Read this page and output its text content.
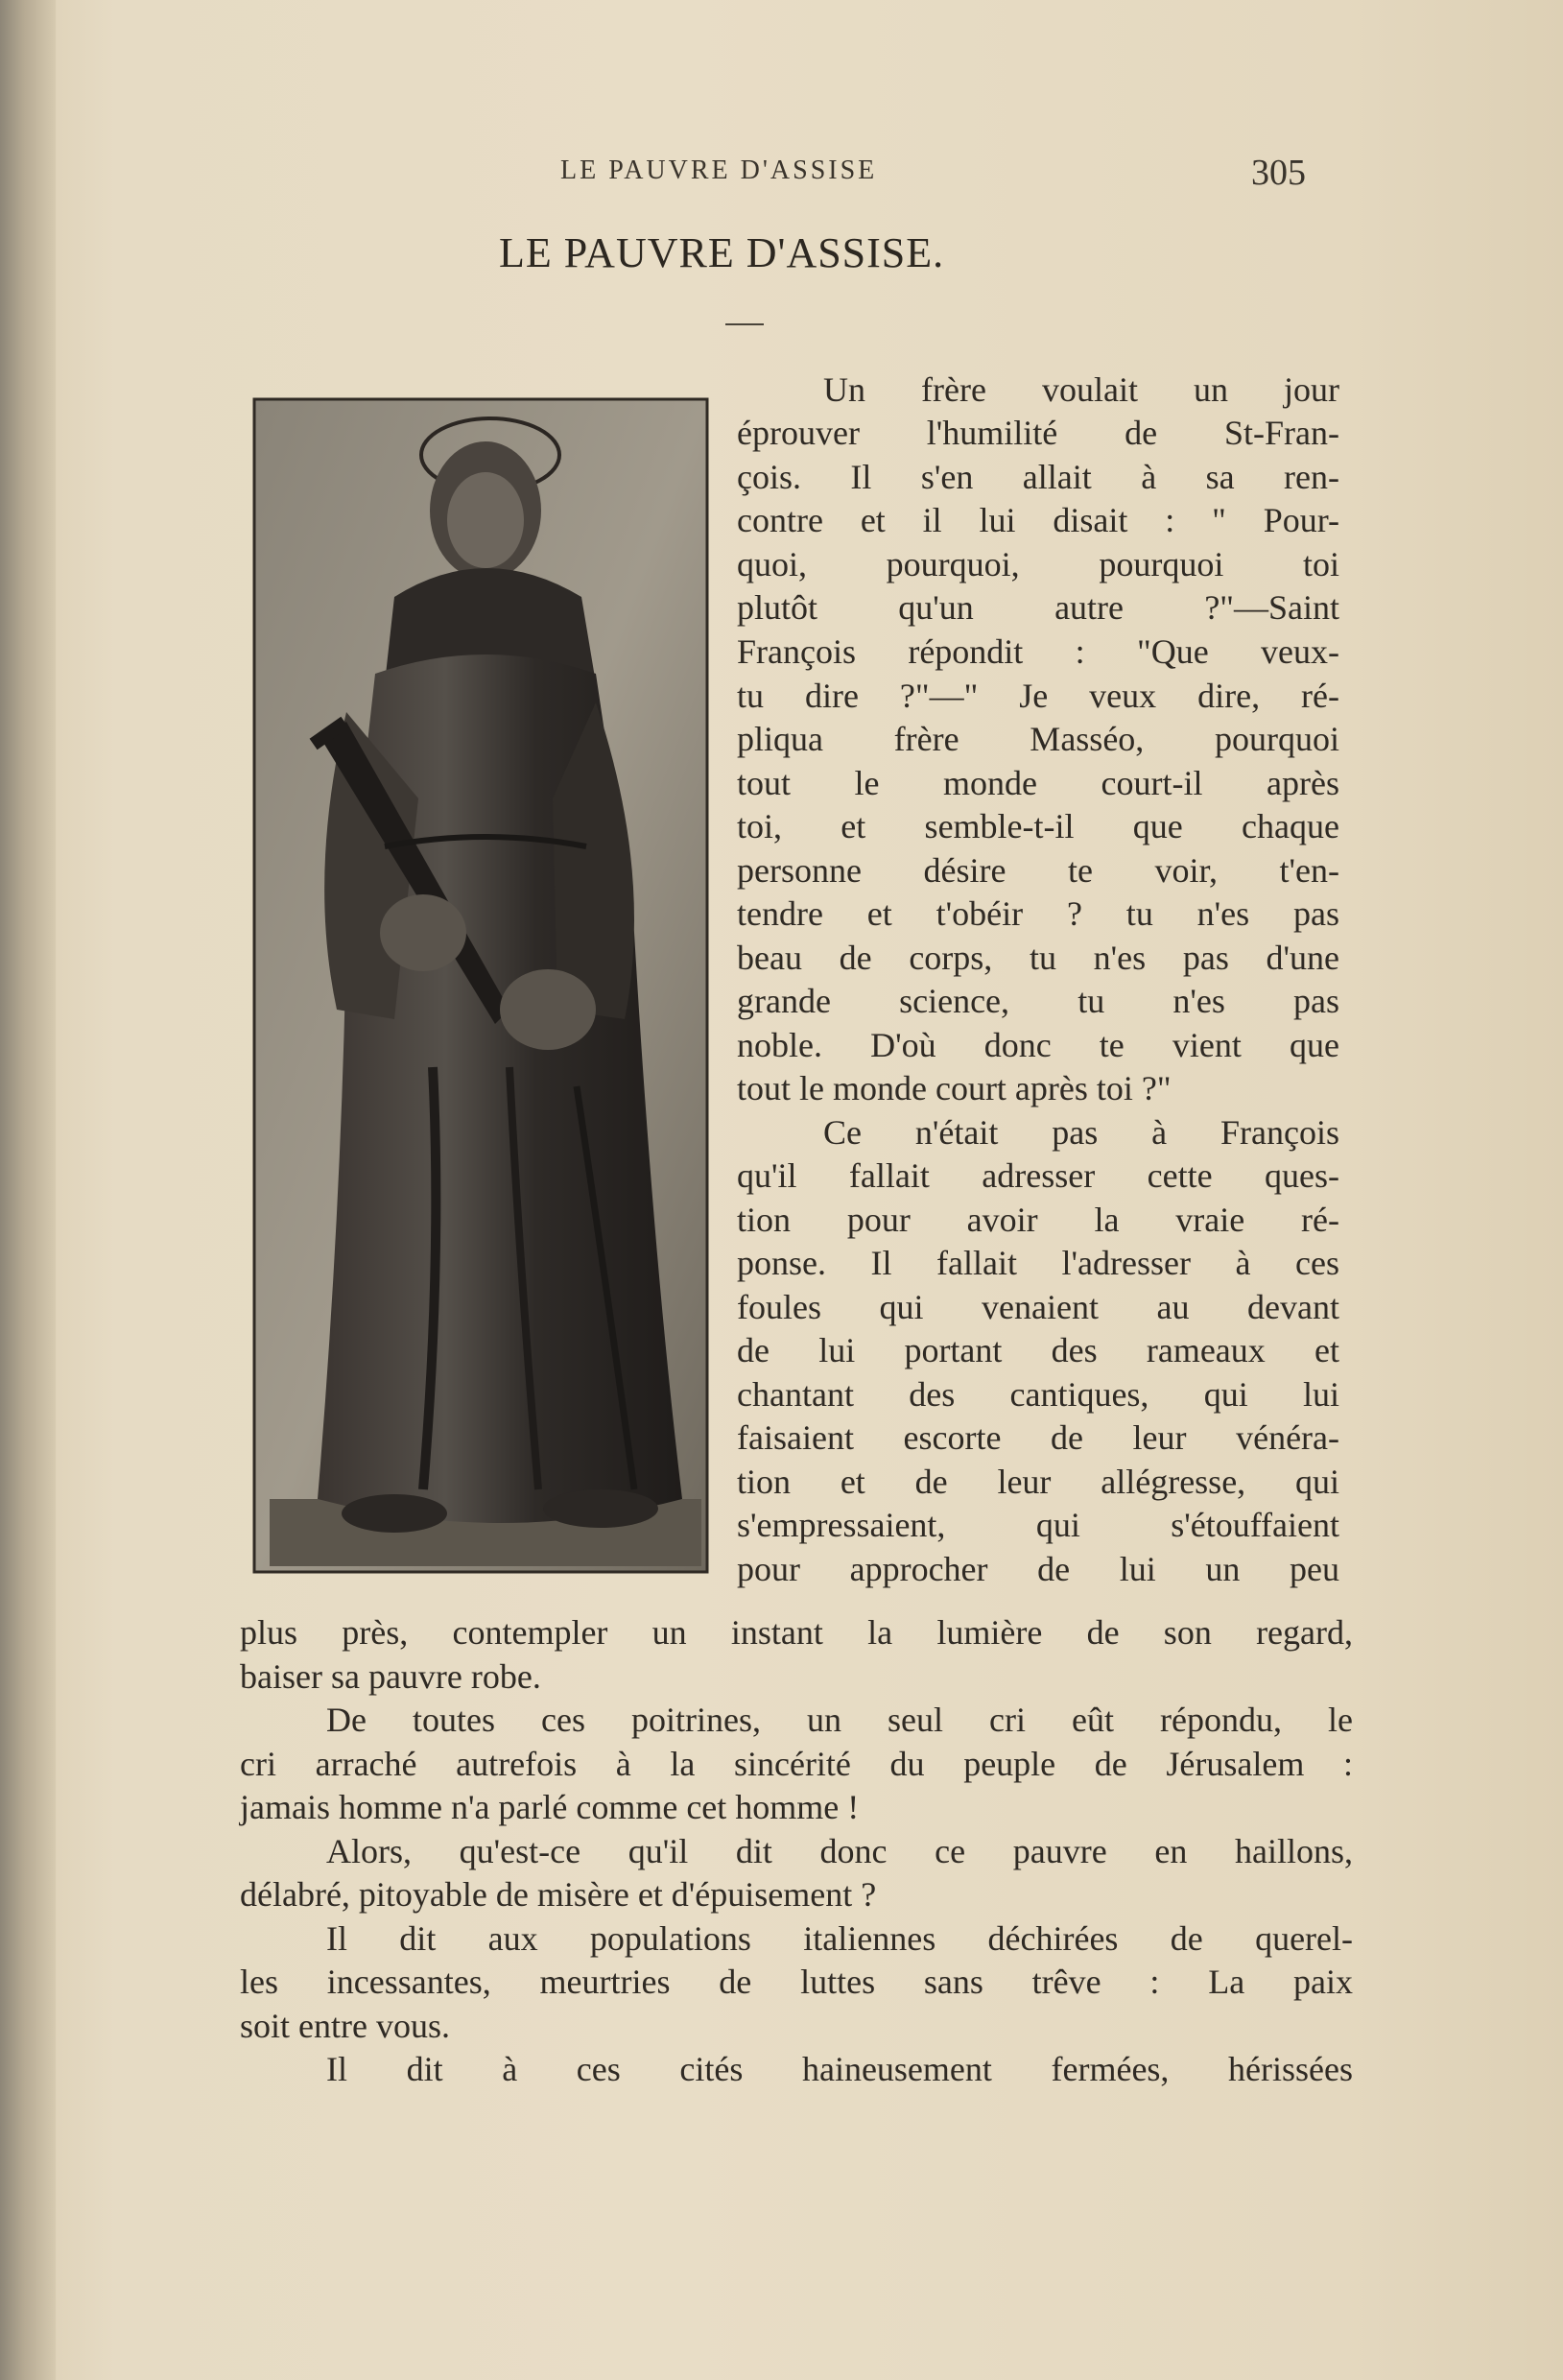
LE PAUVRE D'ASSISE	305
LE PAUVRE D'ASSISE.
Un frère voulait un jour
éprouver l'humilité de St-Fran-
çois. Il s'en allait à sa ren-
contre et il lui disait : " Pour-
quoi, pourquoi, pourquoi toi
plutôt qu'un autre ?"—Saint
François répondit : "Que veux-
tu dire ?"—" Je veux dire, ré-
pliqua frère Masséo, pourquoi
tout le monde court-il après
toi, et semble-t-il que chaque
personne désire te voir, t'en-
tendre et t'obéir ? tu n'es pas
beau de corps, tu n'es pas d'une
grande science, tu n'es pas
noble. D'où donc te vient que
tout le monde court après toi ?"
Ce n'était pas à François
qu'il fallait adresser cette ques-
tion pour avoir la vraie ré-
ponse. Il fallait l'adresser à ces
foules qui venaient au devant
de lui portant des rameaux et
chantant des cantiques, qui lui
faisaient escorte de leur vénéra-
tion et de leur allégresse, qui
s'empressaient, qui s'étouffaient
pour approcher de lui un peu
plus près, contempler un instant la lumière de son regard,
baiser sa pauvre robe.
De toutes ces poitrines, un seul cri eût répondu, le
cri arraché autrefois à la sincérité du peuple de Jérusalem :
jamais homme n'a parlé comme cet homme !
Alors, qu'est-ce qu'il dit donc ce pauvre en haillons,
délabré, pitoyable de misère et d'épuisement ?
Il dit aux populations italiennes déchirées de querel-
les incessantes, meurtries de luttes sans trêve : La paix
soit entre vous.
Il dit à ces cités haineusement fermées, hérissées
